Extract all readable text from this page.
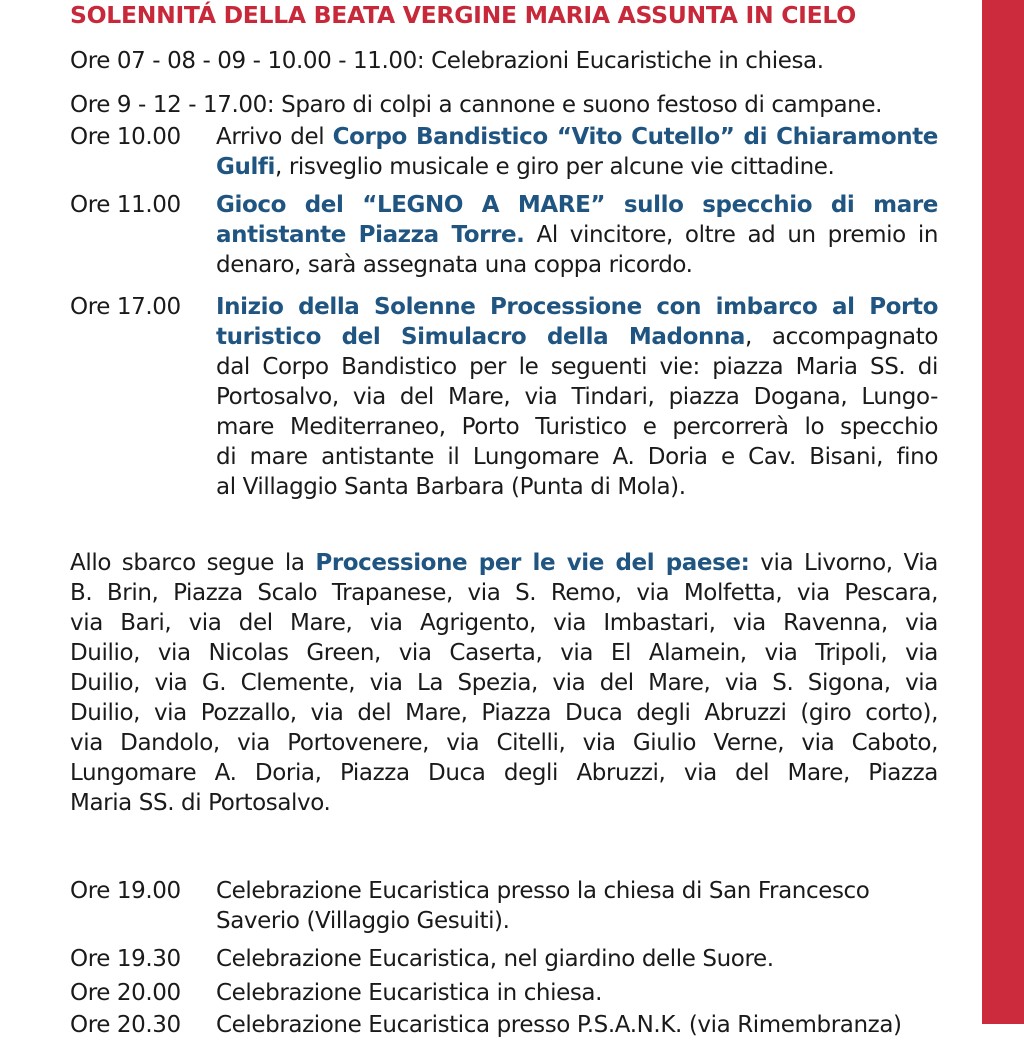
SOLENNITÁ DELLA BEATA VERGINE MARIA ASSUNTA IN CIELO
Ore 07 - 08 - 09 - 10.00 - 11.00: Celebrazioni Eucaristiche in chiesa.
Ore 9 - 12 - 17.00: Sparo di colpi a cannone e suono festoso di campane.
Ore 10.00 Arrivo del Corpo Bandistico “Vito Cutello” di Chiaramonte
Gulfi, risveglio musicale e giro per alcune vie cittadine.
Ore 11.00 Gioco del “LEGNO A MARE” sullo specchio di mare
antistante Piazza Torre. Al vincitore, oltre ad un premio in
denaro, sarà assegnata una coppa ricordo.
Ore 17.00 Inizio della Solenne Processione con imbarco al Porto
turistico del Simulacro della Madonna, accompagnato
dal Corpo Bandistico per le seguenti vie: piazza Maria SS. di
Portosalvo, via del Mare, via Tindari, piazza Dogana, Lungo-
mare Mediterraneo, Porto Turistico e percorrerà lo specchio
di mare antistante il Lungomare A. Doria e Cav. Bisani, fino
al Villaggio Santa Barbara (Punta di Mola).
Allo sbarco segue la Processione per le vie del paese: via Livorno, Via
B. Brin, Piazza Scalo Trapanese, via S. Remo, via Molfetta, via Pescara,
via Bari, via del Mare, via Agrigento, via Imbastari, via Ravenna, via
Duilio, via Nicolas Green, via Caserta, via El Alamein, via Tripoli, via
Duilio, via G. Clemente, via La Spezia, via del Mare, via S. Sigona, via
Duilio, via Pozzallo, via del Mare, Piazza Duca degli Abruzzi (giro corto),
via Dandolo, via Portovenere, via Citelli, via Giulio Verne, via Caboto,
Lungomare A. Doria, Piazza Duca degli Abruzzi, via del Mare, Piazza
Maria SS. di Portosalvo.
Ore 19.00 Celebrazione Eucaristica presso la chiesa di San Francesco
Saverio (Villaggio Gesuiti).
Ore 19.30 Celebrazione Eucaristica, nel giardino delle Suore.
Ore 20.00 Celebrazione Eucaristica in chiesa.
Ore 20.30 Celebrazione Eucaristica presso P.S.A.N.K. (via Rimembranza)
